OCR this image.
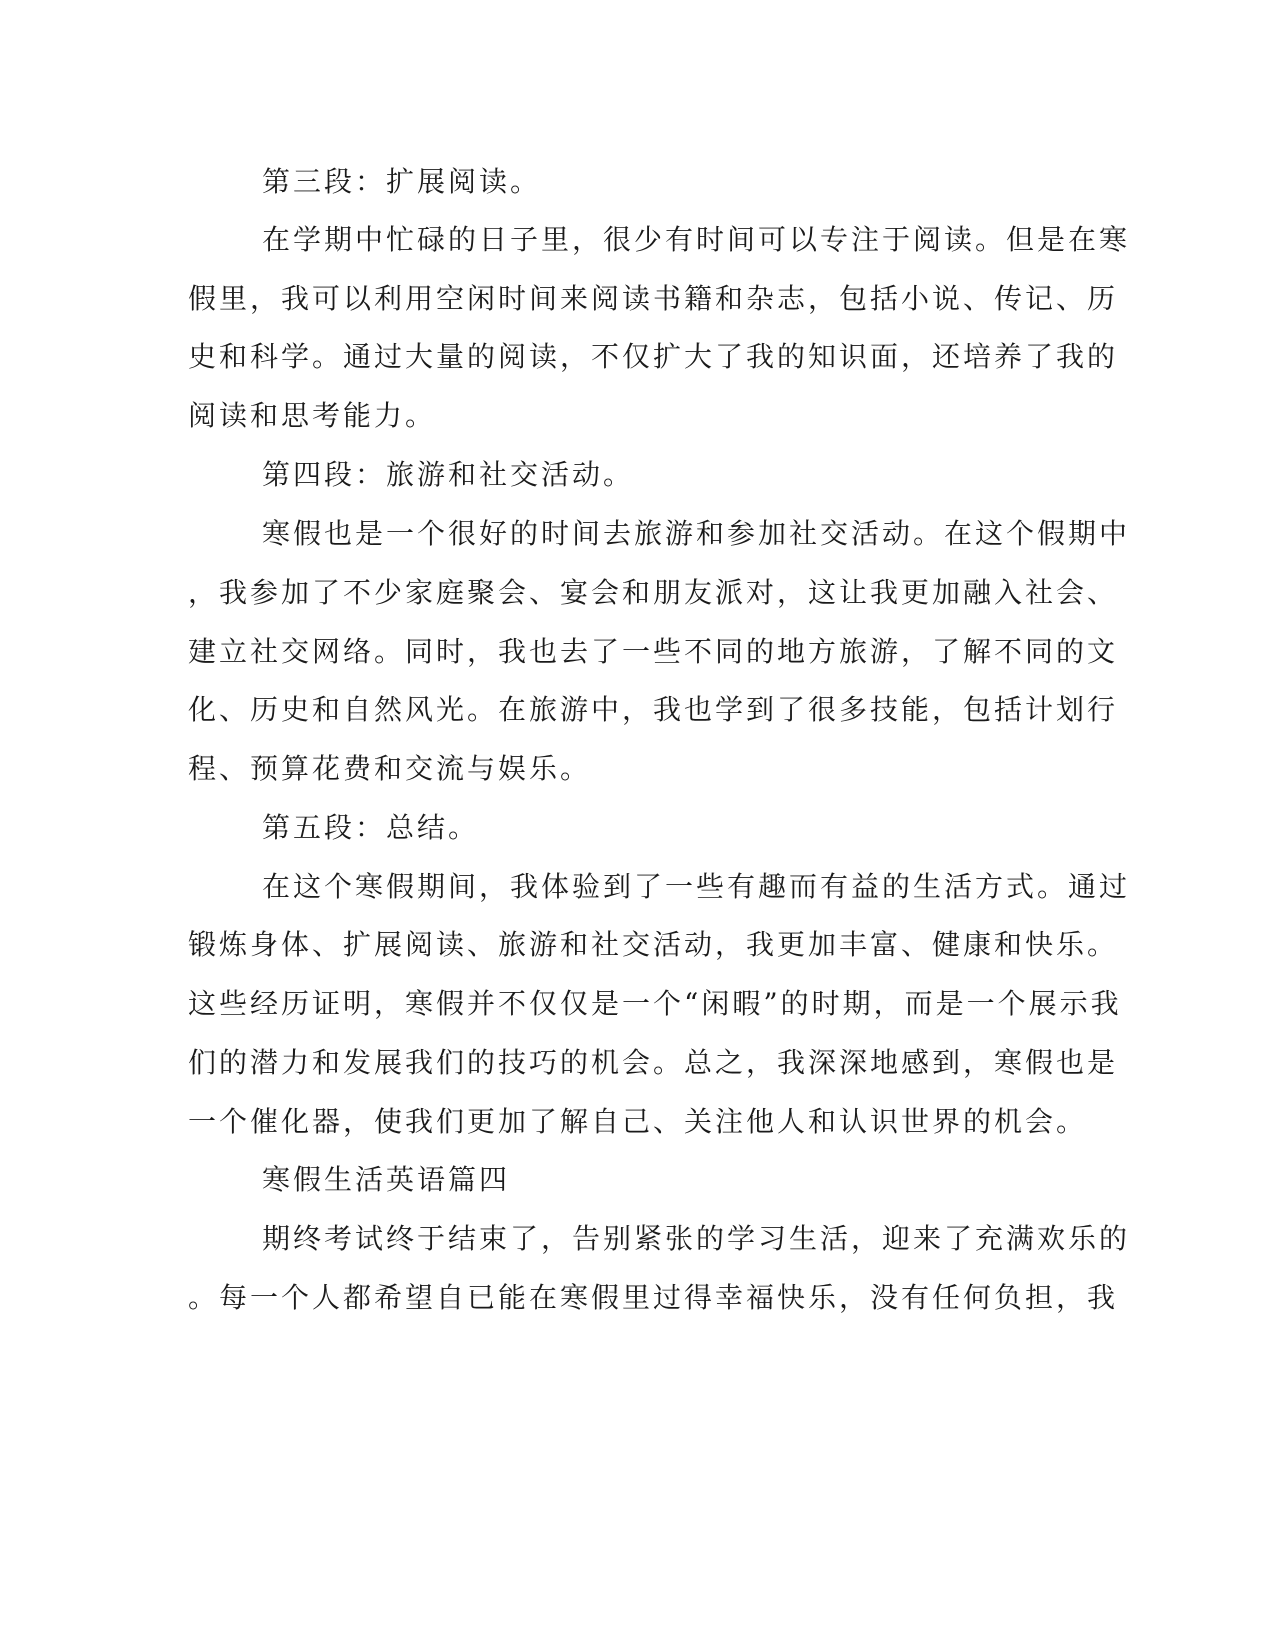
第三段：扩展阅读。
在学期中忙碌的日子里，很少有时间可以专注于阅读。但是在寒
假里，我可以利用空闲时间来阅读书籍和杂志，包括小说、传记、历
史和科学。通过大量的阅读，不仅扩大了我的知识面，还培养了我的
阅读和思考能力。
第四段：旅游和社交活动。
寒假也是一个很好的时间去旅游和参加社交活动。在这个假期中
，我参加了不少家庭聚会、宴会和朋友派对，这让我更加融入社会、
建立社交网络。同时，我也去了一些不同的地方旅游，了解不同的文
化、历史和自然风光。在旅游中，我也学到了很多技能，包括计划行
程、预算花费和交流与娱乐。
第五段：总结。
在这个寒假期间，我体验到了一些有趣而有益的生活方式。通过
锻炼身体、扩展阅读、旅游和社交活动，我更加丰富、健康和快乐。
这些经历证明，寒假并不仅仅是一个“闲暇”的时期，而是一个展示我
们的潜力和发展我们的技巧的机会。总之，我深深地感到，寒假也是
一个催化器，使我们更加了解自己、关注他人和认识世界的机会。
寒假生活英语篇四
期终考试终于结束了，告别紧张的学习生活，迎来了充满欢乐的
。每一个人都希望自已能在寒假里过得幸福快乐，没有任何负担，我
